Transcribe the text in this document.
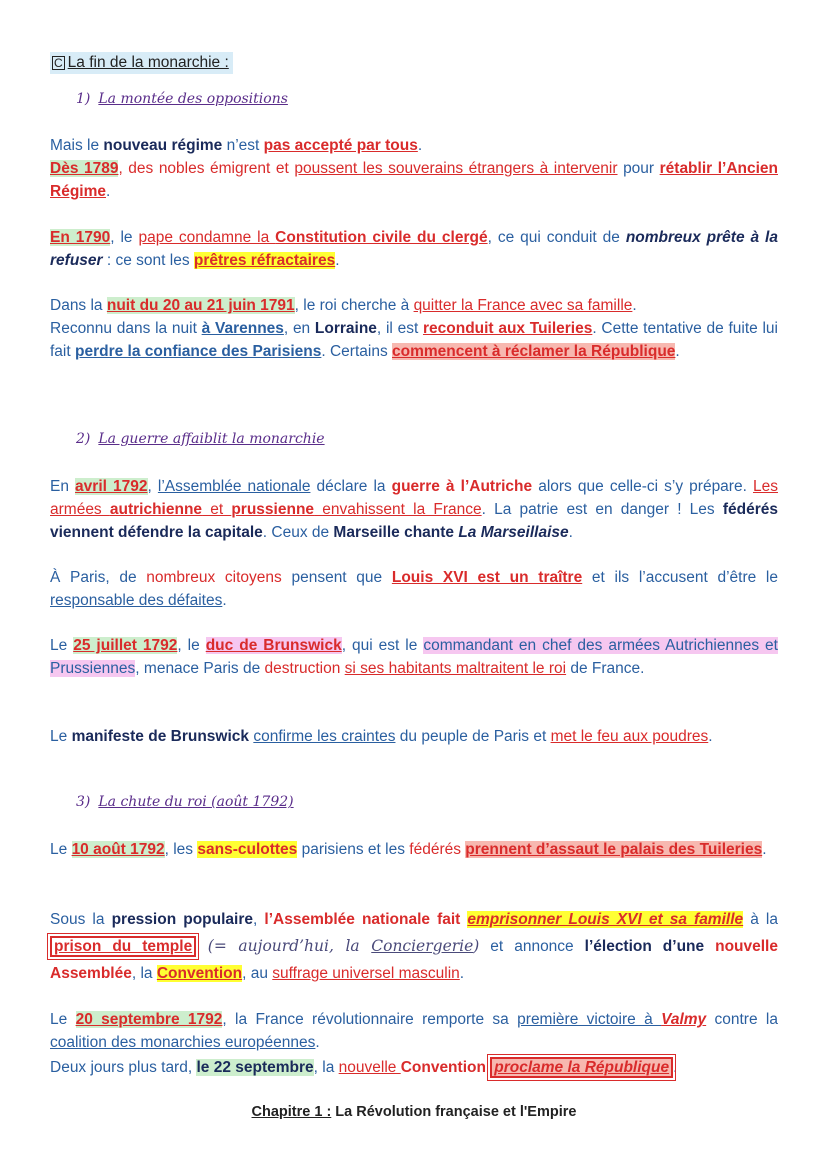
C La fin de la monarchie :
1) La montée des oppositions
Mais le nouveau régime n’est pas accepté par tous.
Dès 1789, des nobles émigrent et poussent les souverains étrangers à intervenir pour rétablir l’Ancien Régime.
En 1790, le pape condamne la Constitution civile du clergé, ce qui conduit de nombreux prête à la refuser : ce sont les prêtres réfractaires.
Dans la nuit du 20 au 21 juin 1791, le roi cherche à quitter la France avec sa famille.
Reconnu dans la nuit à Varennes, en Lorraine, il est reconduit aux Tuileries. Cette tentative de fuite lui fait perdre la confiance des Parisiens. Certains commencent à réclamer la République.
2) La guerre affaiblit la monarchie
En avril 1792, l’Assemblée nationale déclare la guerre à l’Autriche alors que celle-ci s’y prépare. Les armées autrichienne et prussienne envahissent la France. La patrie est en danger ! Les fédérés viennent défendre la capitale. Ceux de Marseille chante La Marseillaise.
À Paris, de nombreux citoyens pensent que Louis XVI est un traître et ils l’accusent d’être le responsable des défaites.
Le 25 juillet 1792, le duc de Brunswick, qui est le commandant en chef des armées Autrichiennes et Prussiennes, menace Paris de destruction si ses habitants maltraitent le roi de France.
Le manifeste de Brunswick confirme les craintes du peuple de Paris et met le feu aux poudres.
3) La chute du roi (août 1792)
Le 10 août 1792, les sans-culottes parisiens et les fédérés prennent d’assaut le palais des Tuileries.
Sous la pression populaire, l’Assemblée nationale fait emprisonner Louis XVI et sa famille à la prison du temple (= aujourd’hui, la Conciergerie) et annonce l’élection d’une nouvelle Assemblée, la Convention, au suffrage universel masculin.
Le 20 septembre 1792, la France révolutionnaire remporte sa première victoire à Valmy contre la coalition des monarchies européennes.
Deux jours plus tard, le 22 septembre, la nouvelle Convention proclame la République .
Chapitre 1 : La Révolution française et l'Empire
